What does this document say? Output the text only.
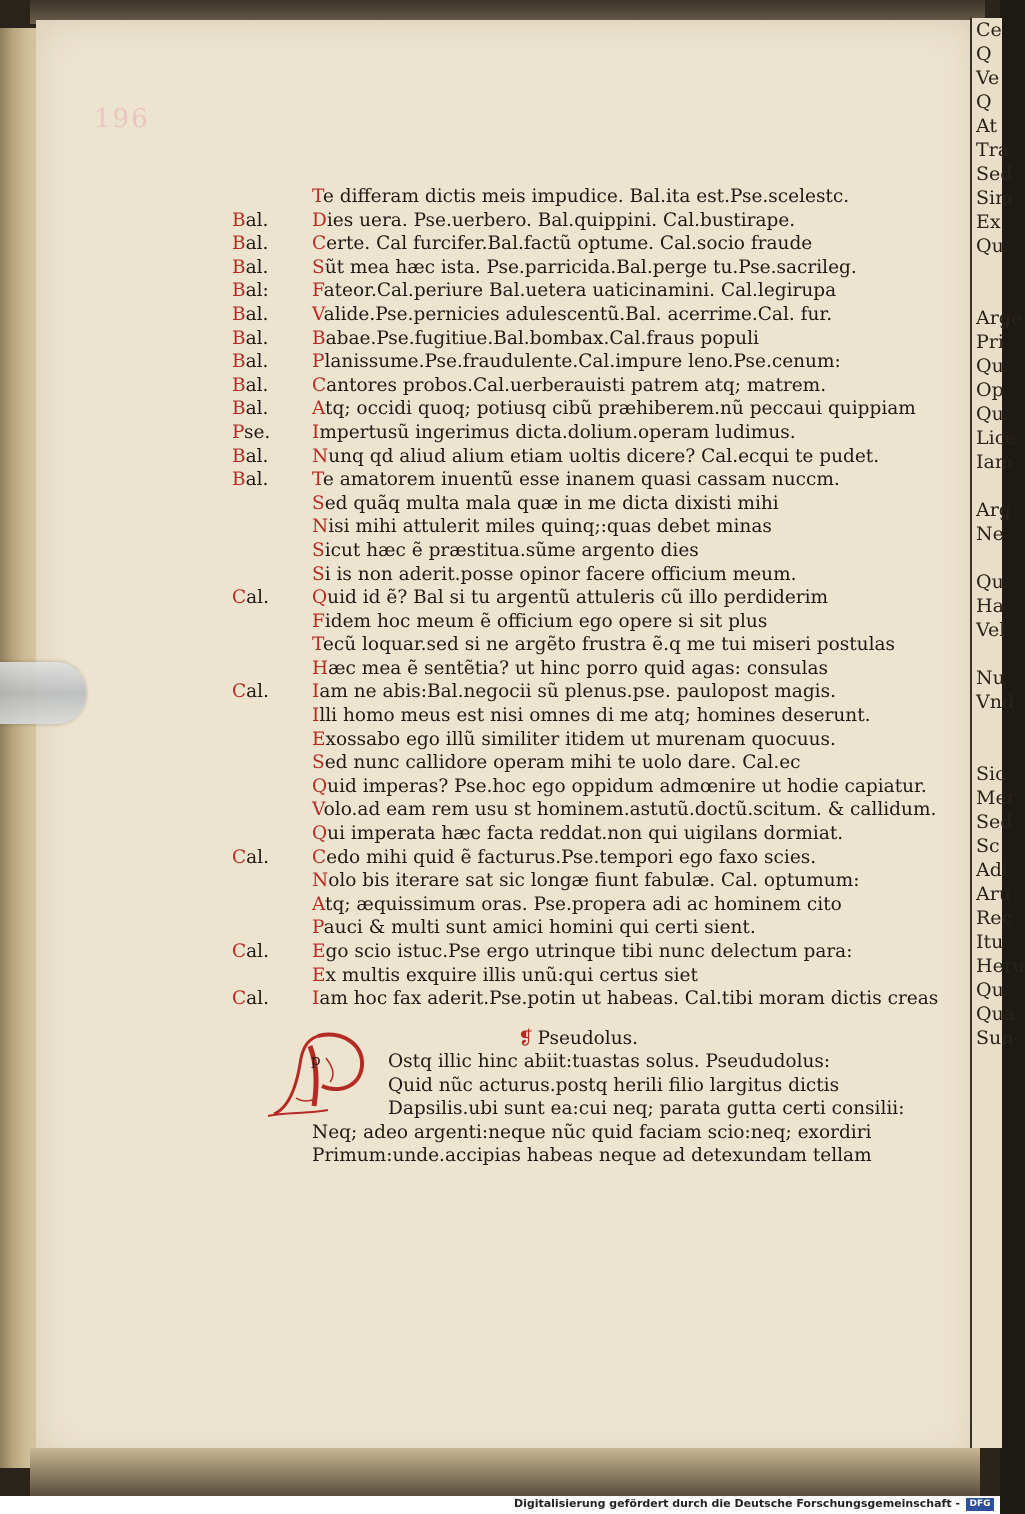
Ce
Q
Ve
Q
At
Tra
Sed
Sim
Ex
Qu
Arge
Pri
Qu
Op
Qu
Lice
Iam
Arg
Ne
Qu
Ha
Vel
Nu
Vnd
Sic
Mer
Sed
Sc
Adi
Aru
Rec
Itu
Heru
Qu
Qua
Sun
196
Te differam dictis meis impudice. Bal.ita est.Pse.scelestc.
Bal.	Dies uera. Pse.uerbero. Bal.quippini. Cal.bustirape.
Bal.	Certe. Cal furcifer.Bal.factũ optume. Cal.socio fraude
Bal.	Sũt mea hæc ista. Pse.parricida.Bal.perge tu.Pse.sacrileg.
Bal:	Fateor.Cal.periure Bal.uetera uaticinamini. Cal.legirupa
Bal.	Valide.Pse.pernicies adulescentũ.Bal. acerrime.Cal. fur.
Bal.	Babae.Pse.fugitiue.Bal.bombax.Cal.fraus populi
Bal.	Planissume.Pse.fraudulente.Cal.impure leno.Pse.cenum:
Bal.	Cantores probos.Cal.uerberauisti patrem atq; matrem.
Bal.	Atq; occidi quoq; potiusq cibũ præhiberem.nũ peccaui quippiam
Pse.	Impertusũ ingerimus dicta.dolium.operam ludimus.
Bal.	Nunq qd aliud alium etiam uoltis dicere? Cal.ecqui te pudet.
Bal.	Te amatorem inuentũ esse inanem quasi cassam nuccm.
Sed quãq multa mala quæ in me dicta dixisti mihi
Nisi mihi attulerit miles quinq;:quas debet minas
Sicut hæc ẽ præstitua.sũme argento dies
Si is non aderit.posse opinor facere officium meum.
Cal.	Quid id ẽ? Bal si tu argentũ attuleris cũ illo perdiderim
Fidem hoc meum ẽ officium ego opere si sit plus
Tecũ loquar.sed si ne argẽto frustra ẽ.q me tui miseri postulas
Hæc mea ẽ sentẽtia? ut hinc porro quid agas: consulas
Cal.	Iam ne abis:Bal.negocii sũ plenus.pse. paulopost magis.
Illi homo meus est nisi omnes di me atq; homines deserunt.
Exossabo ego illũ similiter itidem ut murenam quocuus.
Sed nunc callidore operam mihi te uolo dare. Cal.ec
Quid imperas? Pse.hoc ego oppidum admœnire ut hodie capiatur.
Volo.ad eam rem usu st hominem.astutũ.doctũ.scitum. & callidum.
Qui imperata hæc facta reddat.non qui uigilans dormiat.
Cal.	Cedo mihi quid ẽ facturus.Pse.tempori ego faxo scies.
Nolo bis iterare sat sic longæ fiunt fabulæ. Cal. optumum:
Atq; æquissimum oras. Pse.propera adi ac hominem cito
Pauci & multi sunt amici homini qui certi sient.
Cal.	Ego scio istuc.Pse ergo utrinque tibi nunc delectum para:
Ex multis exquire illis unũ:qui certus siet
Cal.	Iam hoc fax aderit.Pse.potin ut habeas. Cal.tibi moram dictis creas
❡ Pseudolus.
p	Ostq illic hinc abiit:tuastas solus. Pseududolus:
Quid nũc acturus.postq herili filio largitus dictis
Dapsilis.ubi sunt ea:cui neq; parata gutta certi consilii:
Neq; adeo argenti:neque nũc quid faciam scio:neq; exordiri
Primum:unde.accipias habeas neque ad detexundam tellam
Digitalisierung gefördert durch die Deutsche Forschungsgemeinschaft -	DFG
